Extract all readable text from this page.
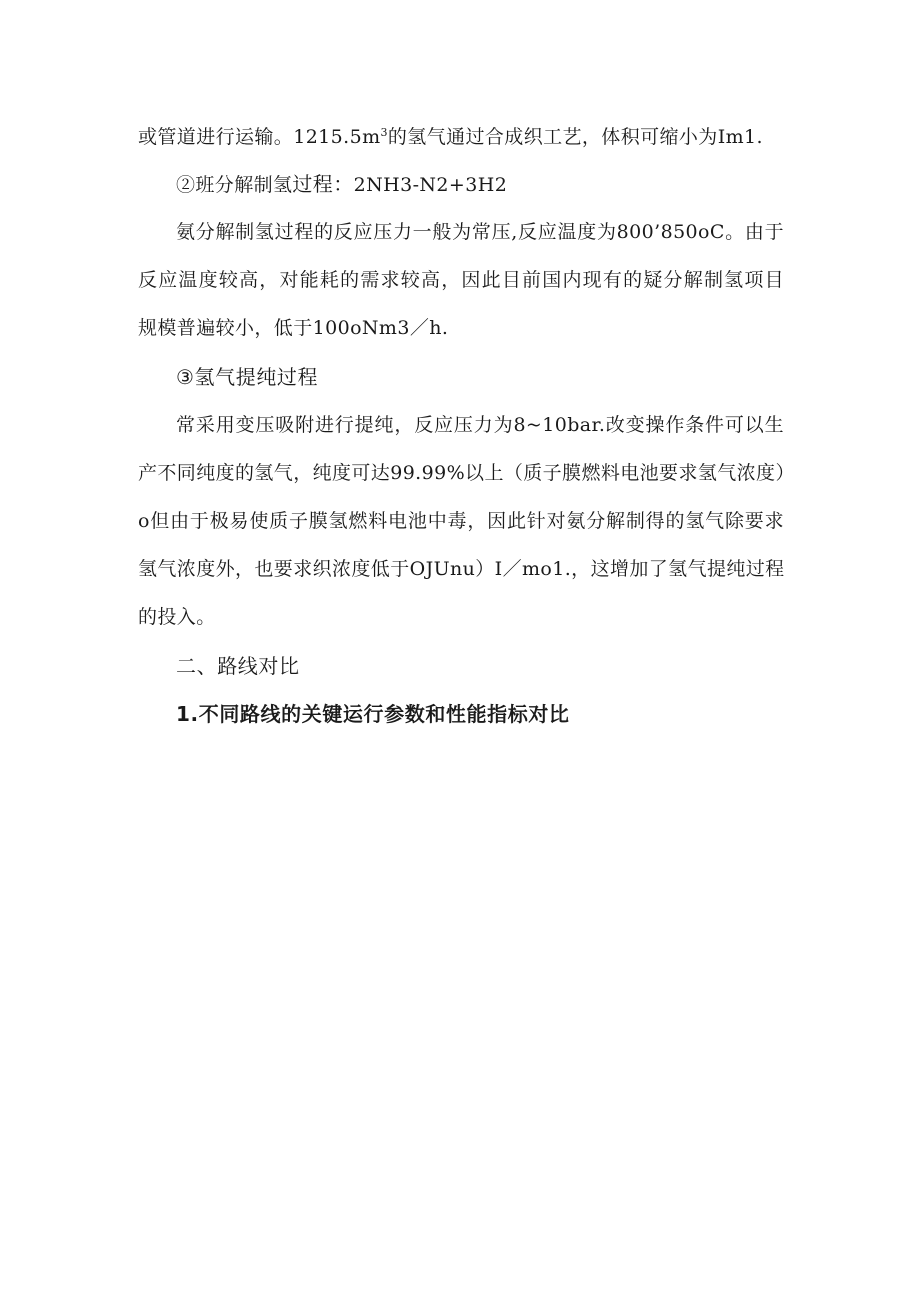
或管道进行运输。$1215.5m^3$的氢气通过合成织工艺，体积可缩小为Im1.
②班分解制氢过程：2NH3-N2+3H2
氨分解制氢过程的反应压力一般为常压,反应温度为800’850oC。由于
反应温度较高，对能耗的需求较高，因此目前国内现有的疑分解制氢项目
规模普遍较小，低于100oNm3／h.
③氢气提纯过程
常采用变压吸附进行提纯，反应压力为8~10bar.改变操作条件可以生
产不同纯度的氢气，纯度可达99.99%以上（质子膜燃料电池要求氢气浓度）
o但由于极易使质子膜氢燃料电池中毒，因此针对氨分解制得的氢气除要求
氢气浓度外，也要求织浓度低于OJUnu）I／mo1.，这增加了氢气提纯过程
的投入。
二、路线对比
1.不同路线的关键运行参数和性能指标对比
